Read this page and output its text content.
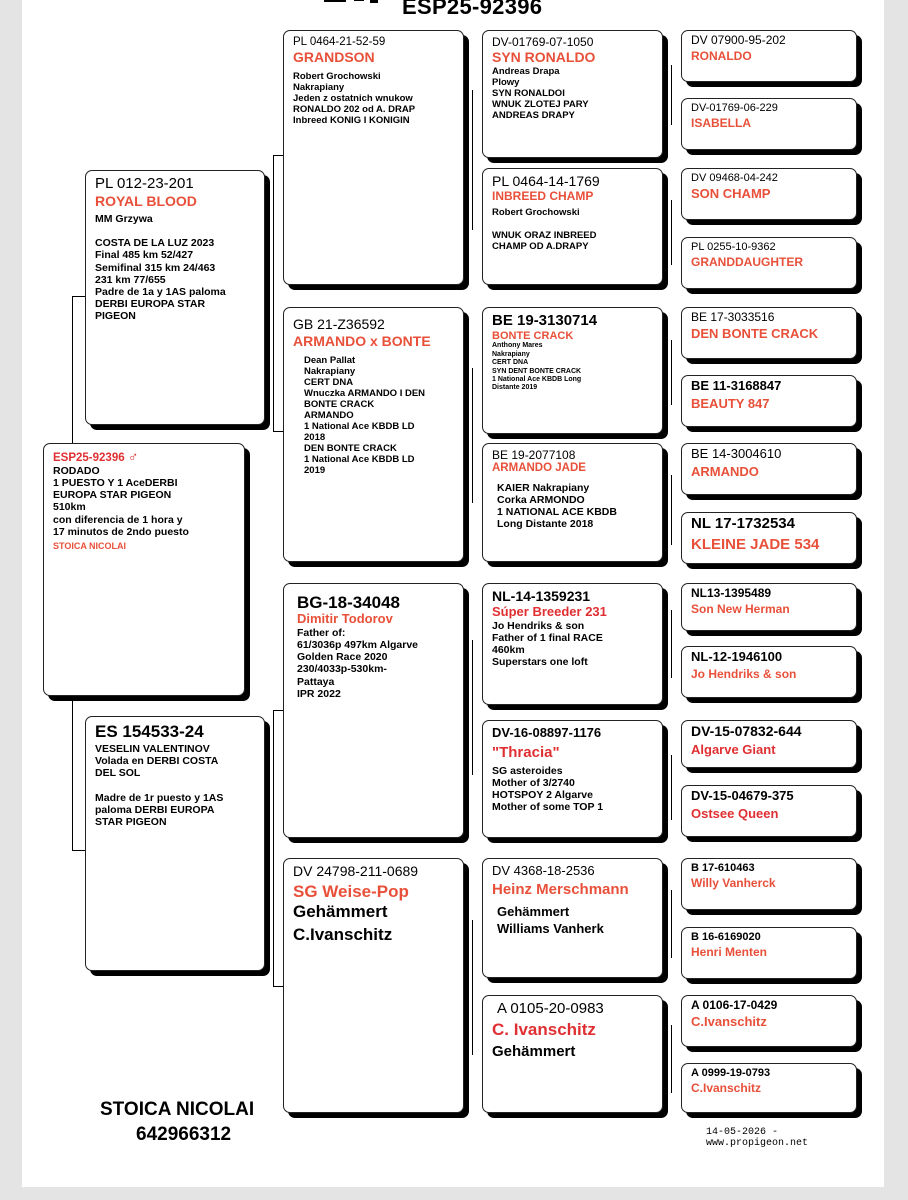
ESP25-92396
ESP25-92396 ♂
RODADO
1 PUESTO Y 1 AceDERBI
EUROPA STAR PIGEON
510km
con diferencia de 1 hora y
17 minutos de 2ndo puesto
STOICA NICOLAI
PL 012-23-201
ROYAL BLOOD
MM Grzywa

COSTA DE LA LUZ 2023
Final 485 km 52/427
Semifinal 315 km 24/463
231 km 77/655
Padre de 1a y 1AS paloma
DERBI EUROPA STAR
PIGEON
ES 154533-24
VESELIN VALENTINOV
Volada en DERBI COSTA
DEL SOL

Madre de 1r puesto y 1AS
paloma DERBI EUROPA
STAR PIGEON
PL 0464-21-52-59
GRANDSON
Robert Grochowski
Nakrapiany
Jeden z ostatnich wnukow
RONALDO 202 od A. DRAP
Inbreed KONIG I KONIGIN
GB 21-Z36592
ARMANDO x BONTE
Dean Pallat
Nakrapiany
CERT DNA
Wnuczka ARMANDO I DEN
BONTE CRACK
ARMANDO
1 National Ace KBDB LD
2018
DEN BONTE CRACK
1 National Ace KBDB LD
2019
BG-18-34048
Dimitir Todorov
Father of:
61/3036p 497km Algarve
Golden Race 2020
230/4033p-530km-
Pattaya
IPR 2022
DV 24798-211-0689
SG Weise-Pop
Gehämmert
C.Ivanschitz
DV-01769-07-1050
SYN RONALDO
Andreas Drapa
Plowy
SYN RONALDOI
WNUK ZLOTEJ PARY
ANDREAS DRAPY
PL 0464-14-1769
INBREED CHAMP
Robert Grochowski

WNUK ORAZ INBREED
CHAMP OD A.DRAPY
BE 19-3130714
BONTE CRACK
Anthony Mares
Nakrapiany
CERT DNA
SYN DENT BONTE CRACK
1 National Ace KBDB Long
Distante 2019
BE 19-2077108
ARMANDO JADE
KAIER Nakrapiany
Corka ARMONDO
1 NATIONAL ACE KBDB
Long Distante 2018
NL-14-1359231
Súper Breeder 231
Jo Hendriks & son
Father of 1 final RACE
460km
Superstars one loft
DV-16-08897-1176
"Thracia"
SG asteroides
Mother of 3/2740
HOTSPOY 2 Algarve
Mother of some TOP 1
DV 4368-18-2536
Heinz Merschmann
Gehämmert
Williams Vanherk
A 0105-20-0983
C. Ivanschitz
Gehämmert
DV 07900-95-202
RONALDO
DV-01769-06-229
ISABELLA
DV 09468-04-242
SON CHAMP
PL 0255-10-9362
GRANDDAUGHTER
BE 17-3033516
DEN BONTE CRACK
BE 11-3168847
BEAUTY 847
BE 14-3004610
ARMANDO
NL 17-1732534
KLEINE JADE 534
NL13-1395489
Son New Herman
NL-12-1946100
Jo Hendriks & son
DV-15-07832-644
Algarve Giant
DV-15-04679-375
Ostsee Queen
B 17-610463
Willy Vanherck
B 16-6169020
Henri Menten
A 0106-17-0429
C.Ivanschitz
A 0999-19-0793
C.Ivanschitz
STOICA NICOLAI
642966312	14-05-2026 - www.propigeon.net
